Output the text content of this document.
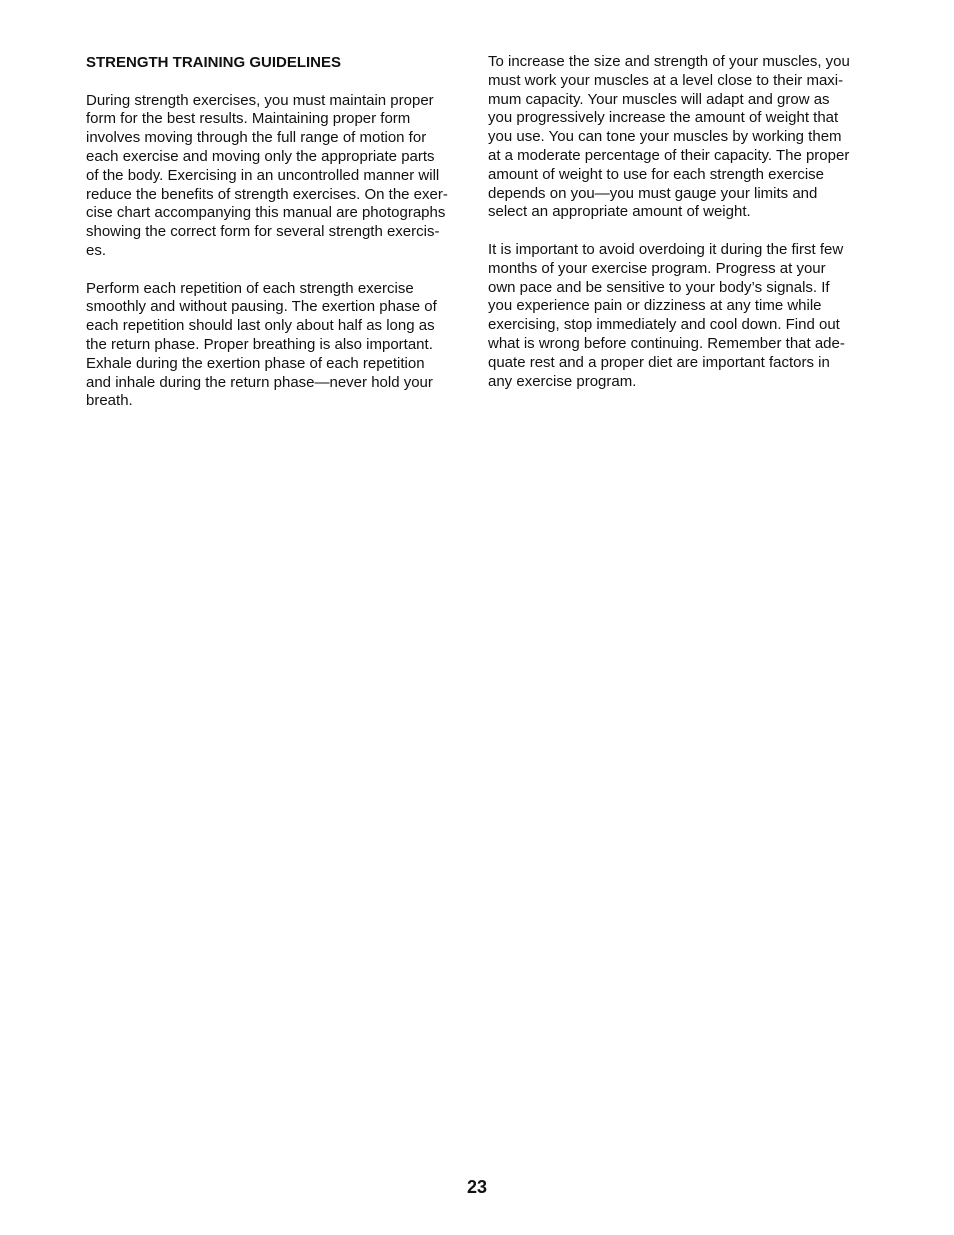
STRENGTH TRAINING GUIDELINES
During strength exercises, you must maintain proper
form for the best results. Maintaining proper form
involves moving through the full range of motion for
each exercise and moving only the appropriate parts
of the body. Exercising in an uncontrolled manner will
reduce the benefits of strength exercises. On the exer-
cise chart accompanying this manual are photographs
showing the correct form for several strength exercis-
es.
Perform each repetition of each strength exercise
smoothly and without pausing. The exertion phase of
each repetition should last only about half as long as
the return phase. Proper breathing is also important.
Exhale during the exertion phase of each repetition
and inhale during the return phase—never hold your
breath.
To increase the size and strength of your muscles, you
must work your muscles at a level close to their maxi-
mum capacity. Your muscles will adapt and grow as
you progressively increase the amount of weight that
you use. You can tone your muscles by working them
at a moderate percentage of their capacity. The proper
amount of weight to use for each strength exercise
depends on you—you must gauge your limits and
select an appropriate amount of weight.
It is important to avoid overdoing it during the first few
months of your exercise program. Progress at your
own pace and be sensitive to your body’s signals. If
you experience pain or dizziness at any time while
exercising, stop immediately and cool down. Find out
what is wrong before continuing. Remember that ade-
quate rest and a proper diet are important factors in
any exercise program.
23
